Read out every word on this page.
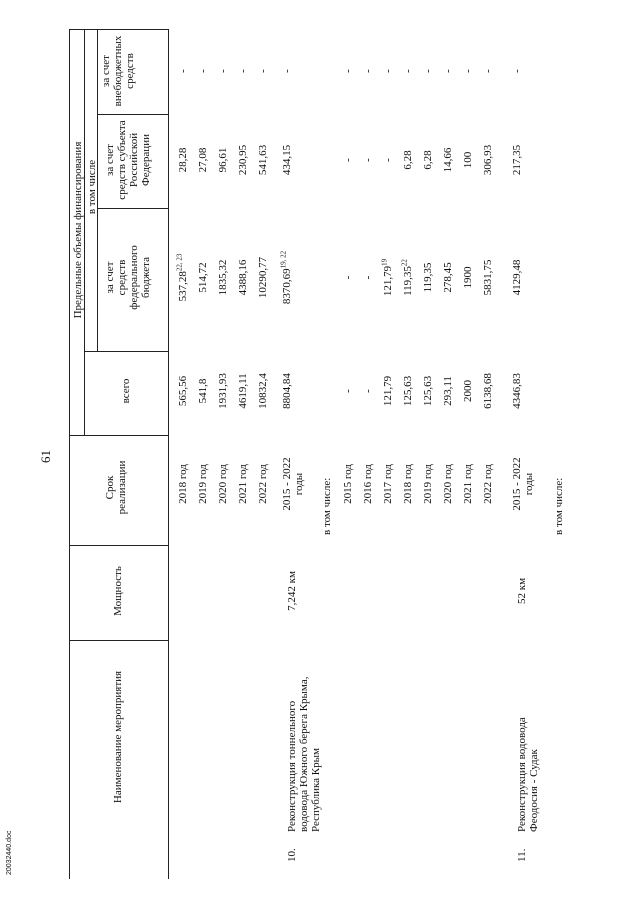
61
20032440.doc
Наименование мероприятия
Мощность
Срок реализации
Предельные объемы финансирования
всего
в том числе
за счет средств федерального бюджета
за счет средств субъекта Российской Федерации
за счет внебюджетных средств
10.
Реконструкция тоннельного водовода Южного берега Крыма, Республика Крым
7,242 км
в том числе:
11.
Реконструкция водовода Феодосия - Судак
52 км
в том числе:
2018 год
565,56
537,28$^{22, 23}$
28,28
-
2019 год
541,8
514,72
27,08
-
2020 год
1931,93
1835,32
96,61
-
2021 год
4619,11
4388,16
230,95
-
2022 год
10832,4
10290,77
541,63
-
2015 - 2022 годы
8804,84
8370,69$^{19, 22}$
434,15
-
2015 год
-
-
-
-
2016 год
-
-
-
-
2017 год
121,79
121,79$^{19}$
-
-
2018 год
125,63
119,35$^{22}$
6,28
-
2019 год
125,63
119,35
6,28
-
2020 год
293,11
278,45
14,66
-
2021 год
2000
1900
100
-
2022 год
6138,68
5831,75
306,93
-
2015 - 2022 годы
4346,83
4129,48
217,35
-
